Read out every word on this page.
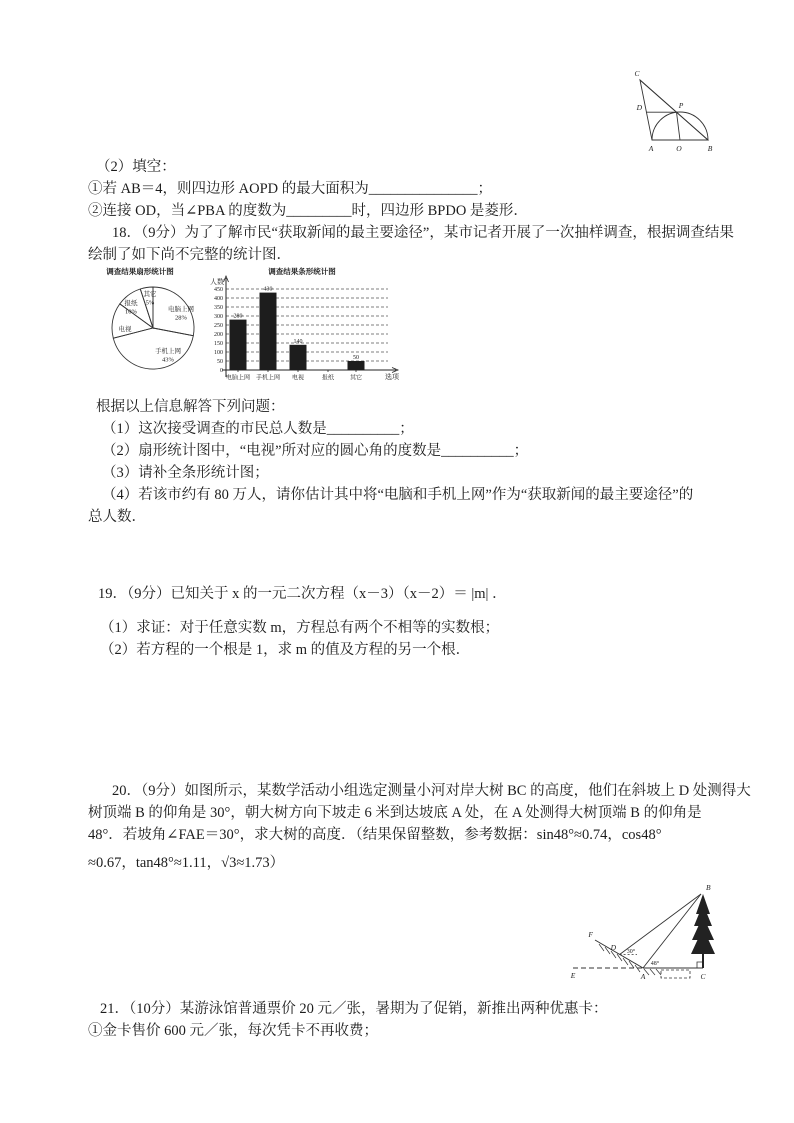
C
D	P
A	O	B
（2）填空：
①若 AB＝4，则四边形 AOPD 的最大面积为_______________；
②连接 OD，当∠PBA 的度数为_________时，四边形 BPDO 是菱形．
18．（9分）为了了解市民“获取新闻的最主要途径”，某市记者开展了一次抽样调查，根据调查结果
绘制了如下尚不完整的统计图．
调查结果扇形统计图
电脑上网 28%
手机上网 43%
电视
报纸 10%
其它 5%
调查结果条形统计图
人数
选项
50
100
150
200
250
300
350
400
450
0
280
电脑上网
430
手机上网
140
电视	报纸
50
其它
根据以上信息解答下列问题：
（1）这次接受调查的市民总人数是__________；
（2）扇形统计图中，“电视”所对应的圆心角的度数是__________；
（3）请补全条形统计图；
（4）若该市约有 80 万人，请你估计其中将“电脑和手机上网”作为“获取新闻的最主要途径”的
总人数．
19．（9分）已知关于 x 的一元二次方程（x－3）（x－2）＝ |m| ．
（1）求证：对于任意实数 m，方程总有两个不相等的实数根；
（2）若方程的一个根是 1，求 m 的值及方程的另一个根．
20．（9分）如图所示，某数学活动小组选定测量小河对岸大树 BC 的高度，他们在斜坡上 D 处测得大
树顶端 B 的仰角是 30°，朝大树方向下坡走 6 米到达坡底 A 处，在 A 处测得大树顶端 B 的仰角是
48°．若坡角∠FAE＝30°，求大树的高度．（结果保留整数，参考数据：sin48°≈0.74，cos48°
≈0.67，tan48°≈1.11，√3≈1.73）
30°
48°
B
F
D
E	A	C
21．（10分）某游泳馆普通票价 20 元／张，暑期为了促销，新推出两种优惠卡：
①金卡售价 600 元／张，每次凭卡不再收费；
